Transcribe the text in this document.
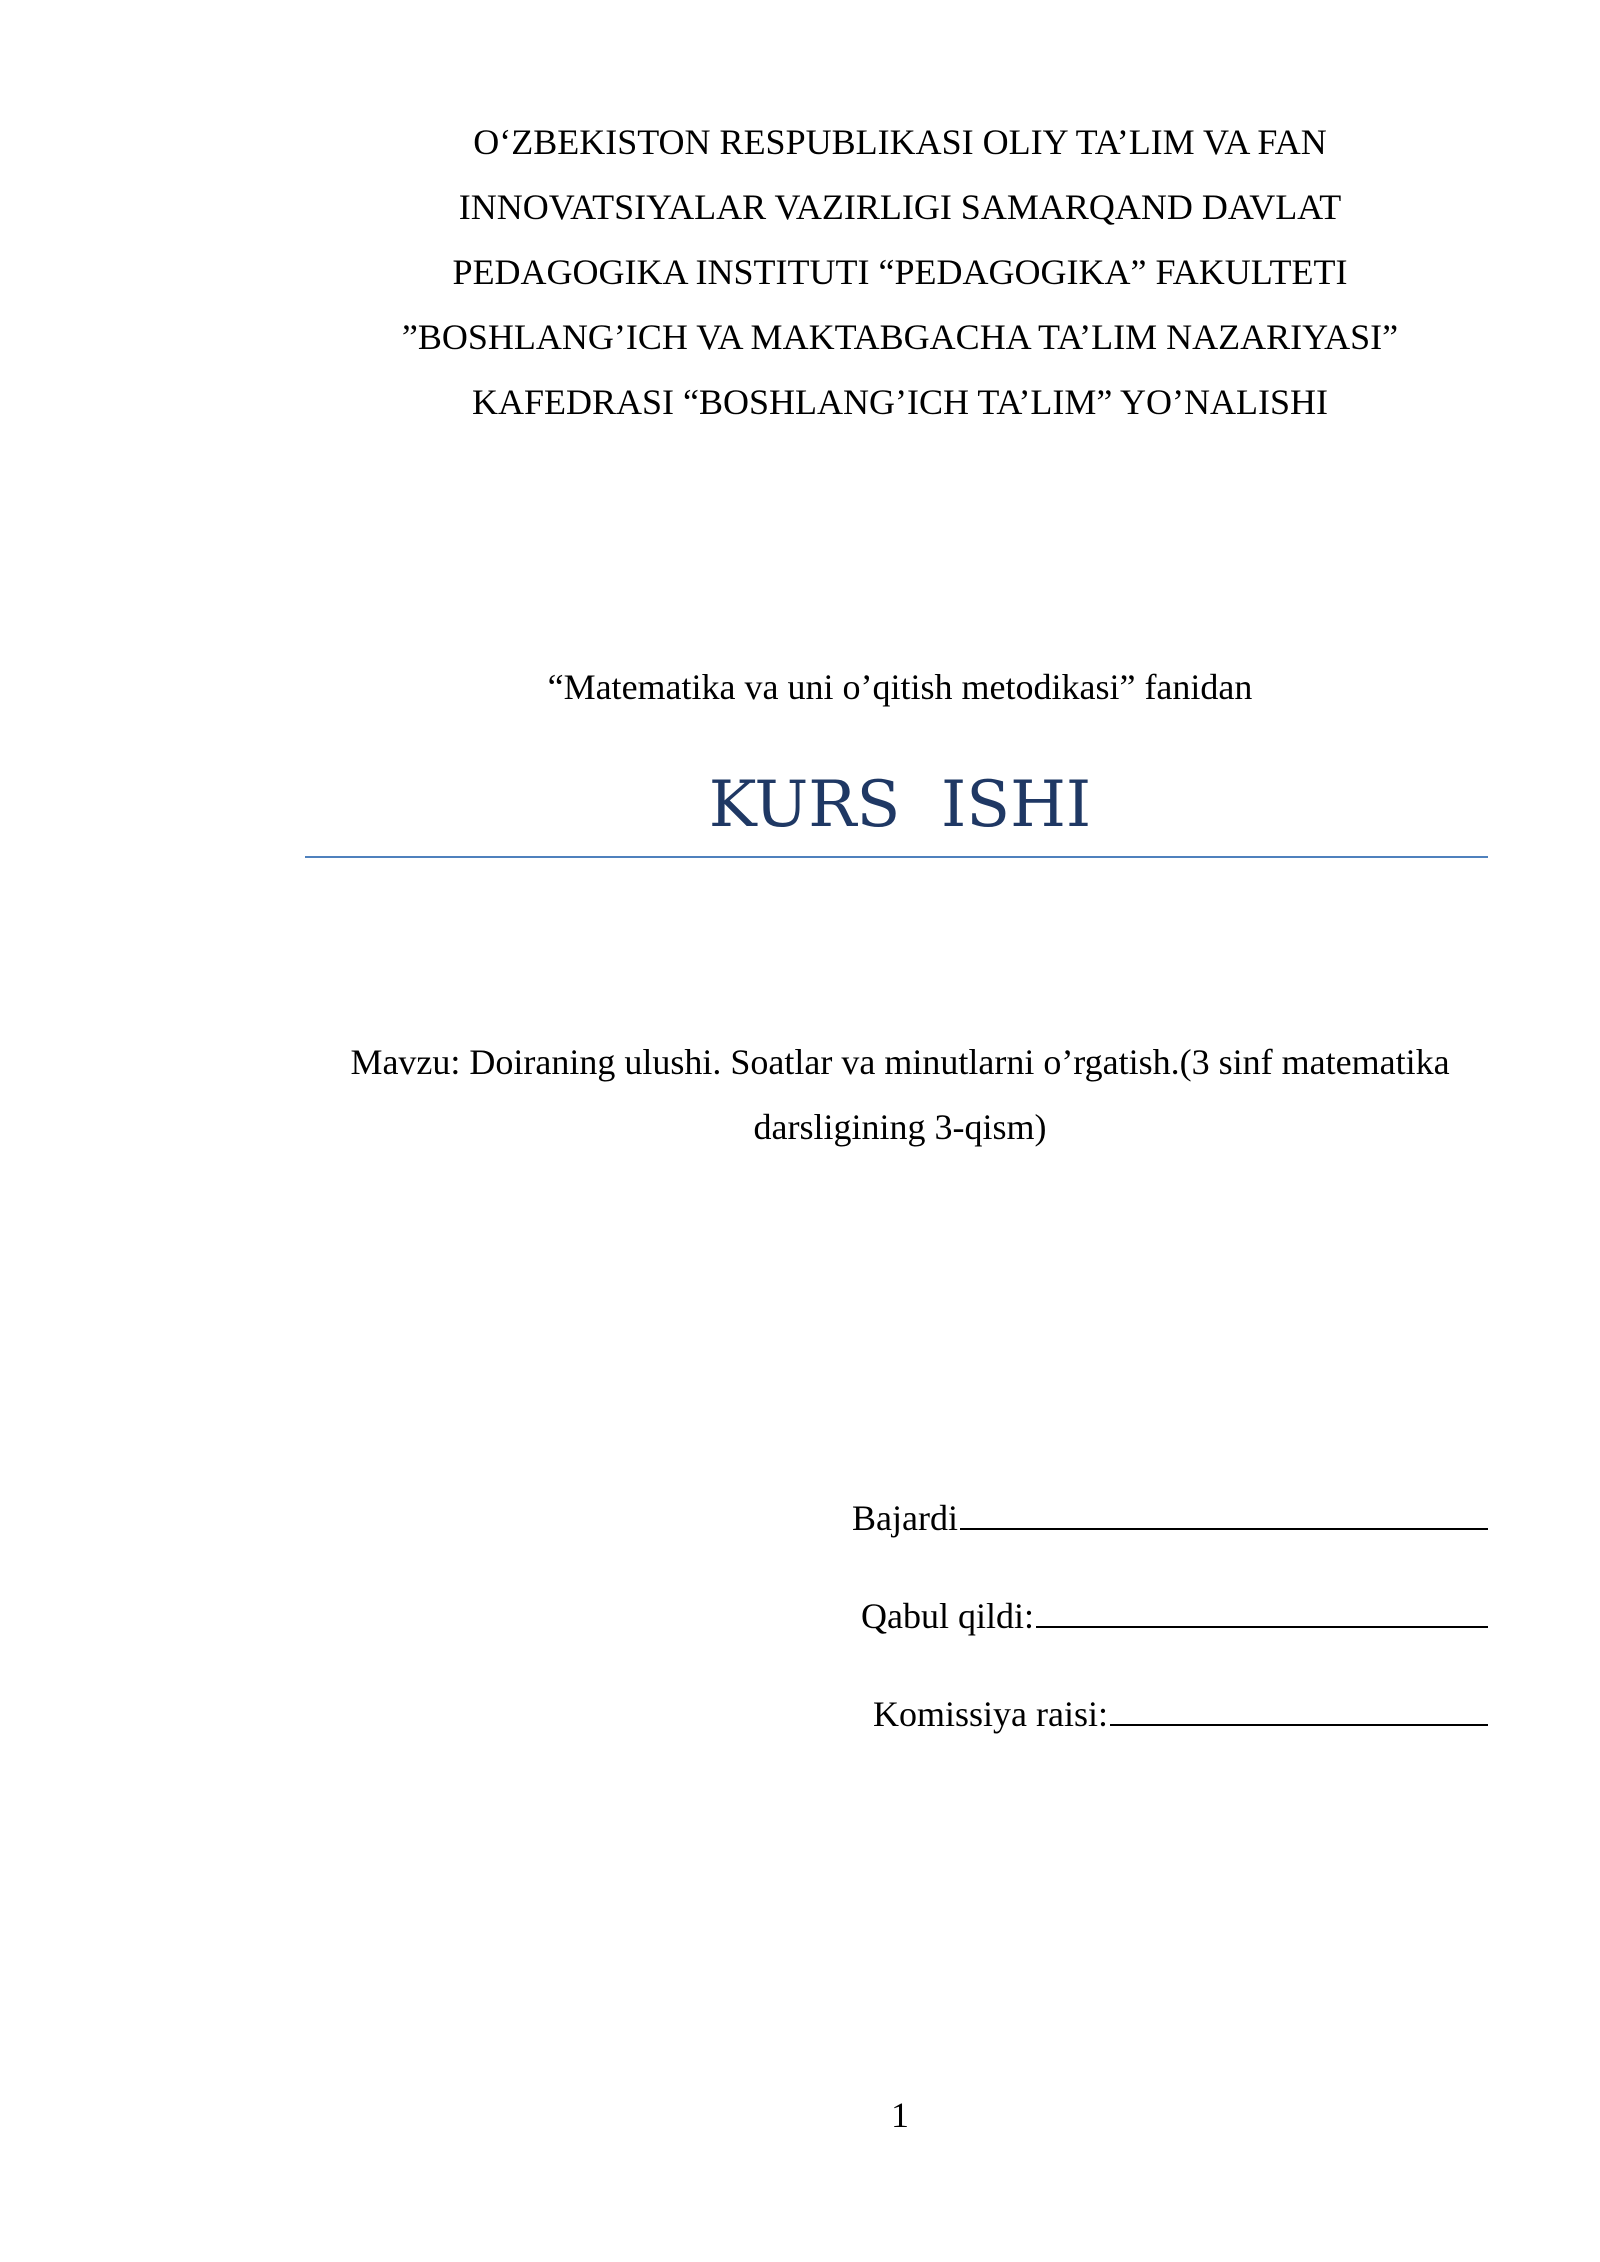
O‘ZBEKISTON RESPUBLIKASI OLIY TA’LIM VA FAN
INNOVATSIYALAR VAZIRLIGI SAMARQAND DAVLAT
PEDAGOGIKA INSTITUTI “PEDAGOGIKA” FAKULTETI
”BOSHLANG’ICH VA MAKTABGACHA TA’LIM NAZARIYASI”
KAFEDRASI “BOSHLANG’ICH TA’LIM” YO’NALISHI
“Matematika va uni o’qitish metodikasi” fanidan
KURS  ISHI
Mavzu: Doiraning ulushi. Soatlar va minutlarni o’rgatish.(3 sinf matematika
darsligining 3-qism)
Bajardi
Qabul qildi:
Komissiya raisi:
1
